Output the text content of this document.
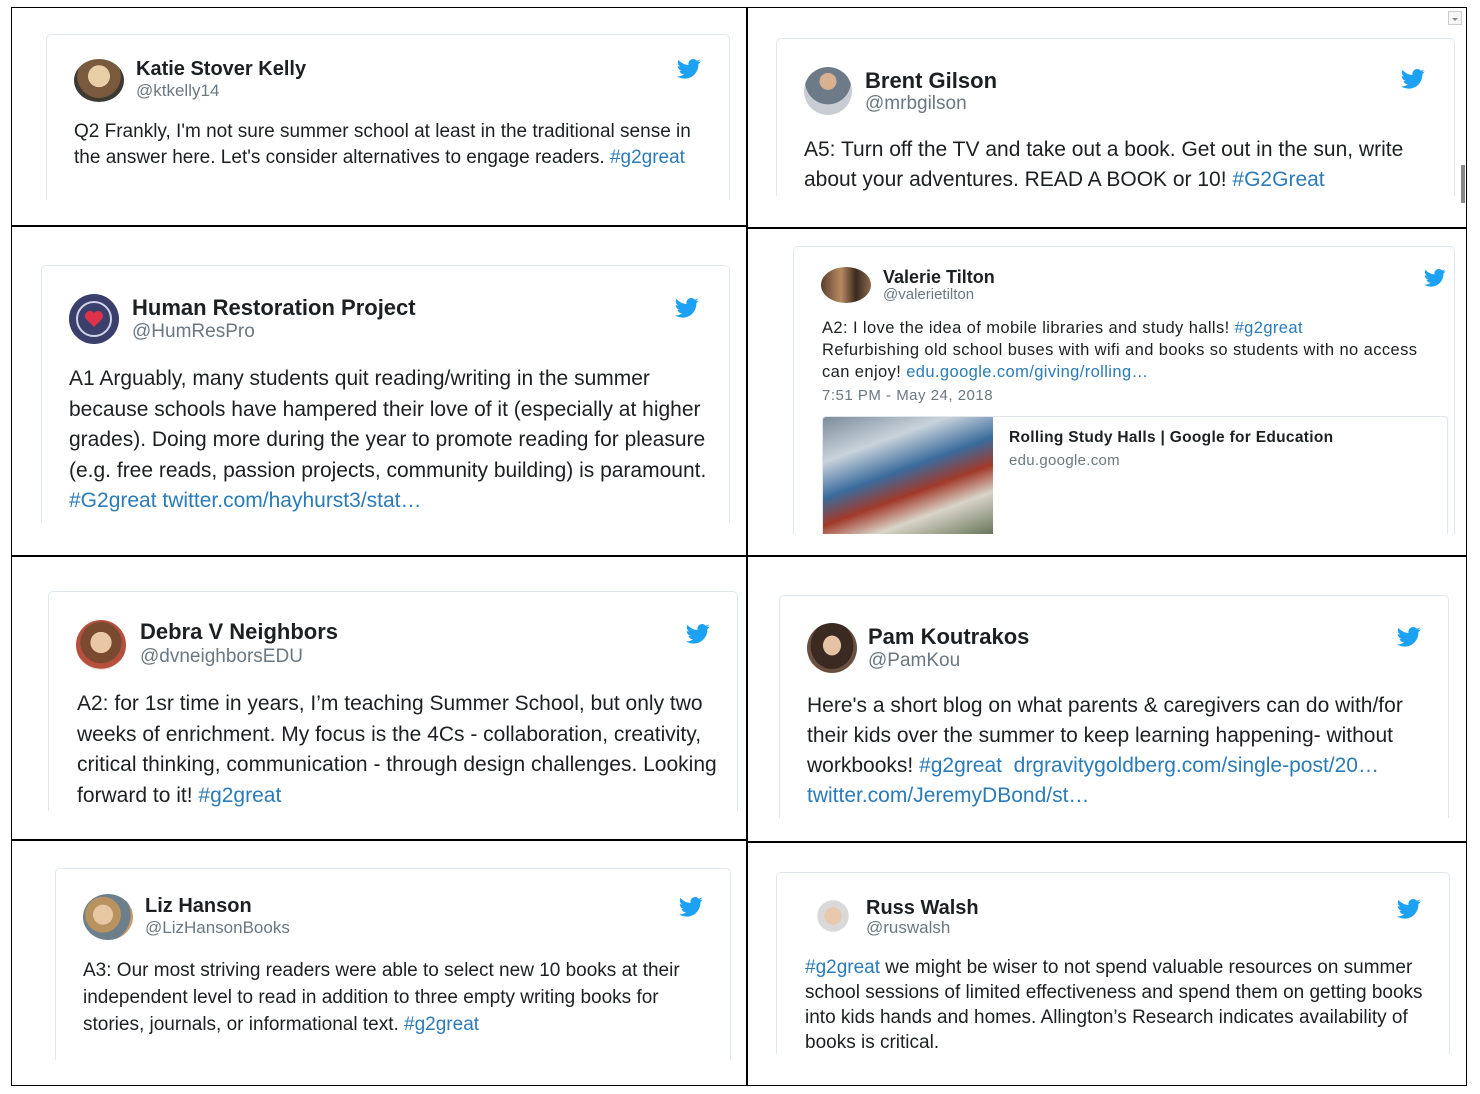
Katie Stover Kelly
@ktkelly14
Q2 Frankly, I'm not sure summer school at least in the traditional sense in the answer here. Let's consider alternatives to engage readers. #g2great
Brent Gilson
@mrbgilson
A5: Turn off the TV and take out a book. Get out in the sun, write about your adventures. READ A BOOK or 10! #G2Great
Human Restoration Project
@HumResPro
A1 Arguably, many students quit reading/writing in the summer because schools have hampered their love of it (especially at higher grades). Doing more during the year to promote reading for pleasure (e.g. free reads, passion projects, community building) is paramount. #G2great twitter.com/hayhurst3/stat…
Valerie Tilton
@valerietilton
A2: I love the idea of mobile libraries and study halls! #g2great
Refurbishing old school buses with wifi and books so students with no access can enjoy! edu.google.com/giving/rolling…
7:51 PM - May 24, 2018
Rolling Study Halls | Google for Education
edu.google.com
Debra V Neighbors
@dvneighborsEDU
A2: for 1sr time in years, I’m teaching Summer School, but only two weeks of enrichment. My focus is the 4Cs - collaboration, creativity, critical thinking, communication - through design challenges. Looking forward to it! #g2great
Pam Koutrakos
@PamKou
Here's a short blog on what parents & caregivers can do with/for their kids over the summer to keep learning happening- without workbooks! #g2great drgravitygoldberg.com/single-post/20… twitter.com/JeremyDBond/st…
Liz Hanson
@LizHansonBooks
A3: Our most striving readers were able to select new 10 books at their independent level to read in addition to three empty writing books for stories, journals, or informational text. #g2great
Russ Walsh
@ruswalsh
#g2great we might be wiser to not spend valuable resources on summer school sessions of limited effectiveness and spend them on getting books into kids hands and homes. Allington’s Research indicates availability of books is critical.
